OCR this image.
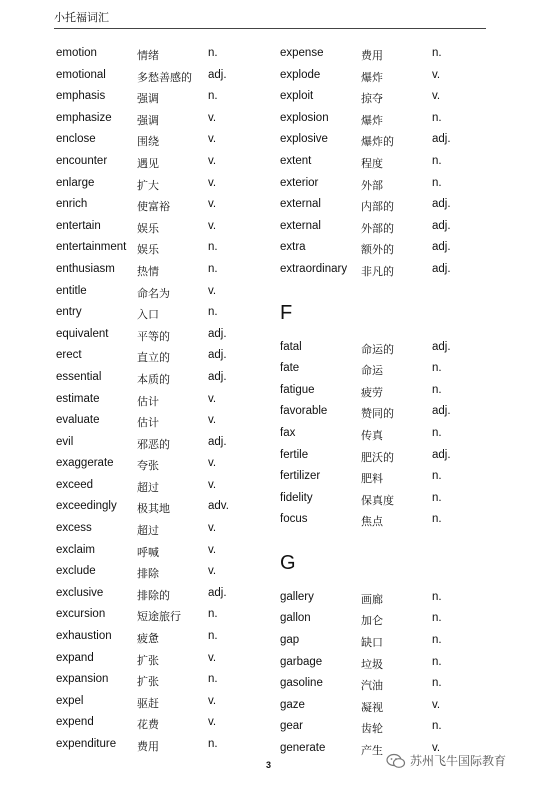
小托福词汇
emotion	情绪	n.
emotional	多愁善感的 adj.
emphasis	强调	n.
emphasize 强调	v.
enclose	围绕	v.
encounter	遇见	v.
enlarge	扩大	v.
enrich	使富裕	v.
entertain	娱乐	v.
entertainment 娱乐	n.
enthusiasm 热情	n.
entitle	命名为	v.
entry	入口	n.
equivalent	平等的	adj.
erect	直立的	adj.
essential	本质的	adj.
estimate	估计	v.
evaluate	估计	v.
evil	邪恶的	adj.
exaggerate 夸张	v.
exceed	超过	v.
exceedingly 极其地	adv.
excess	超过	v.
exclaim	呼喊	v.
exclude	排除	v.
exclusive	排除的	adj.
excursion	短途旅行 n.
exhaustion 疲惫	n.
expand	扩张	v.
expansion	扩张	n.
expel	驱赶	v.
expend	花费	v.
expenditure 费用	n.
expense	费用	n.
explode	爆炸	v.
exploit	掠夺	v.
explosion	爆炸	n.
explosive	爆炸的	adj.
extent	程度	n.
exterior	外部	n.
external	内部的	adj.
external	外部的	adj.
extra	额外的	adj.
extraordinary 非凡的	adj.
F
fatal	命运的	adj.
fate	命运	n.
fatigue	疲劳	n.
favorable	赞同的	adj.
fax	传真	n.
fertile	肥沃的	adj.
fertilizer	肥料	n.
fidelity	保真度	n.
focus	焦点	n.
G
gallery	画廊	n.
gallon	加仑	n.
gap	缺口	n.
garbage	垃圾	n.
gasoline	汽油	n.
gaze	凝视	v.
gear	齿轮	n.
generate	产生	v.
3	苏州飞牛国际教育
